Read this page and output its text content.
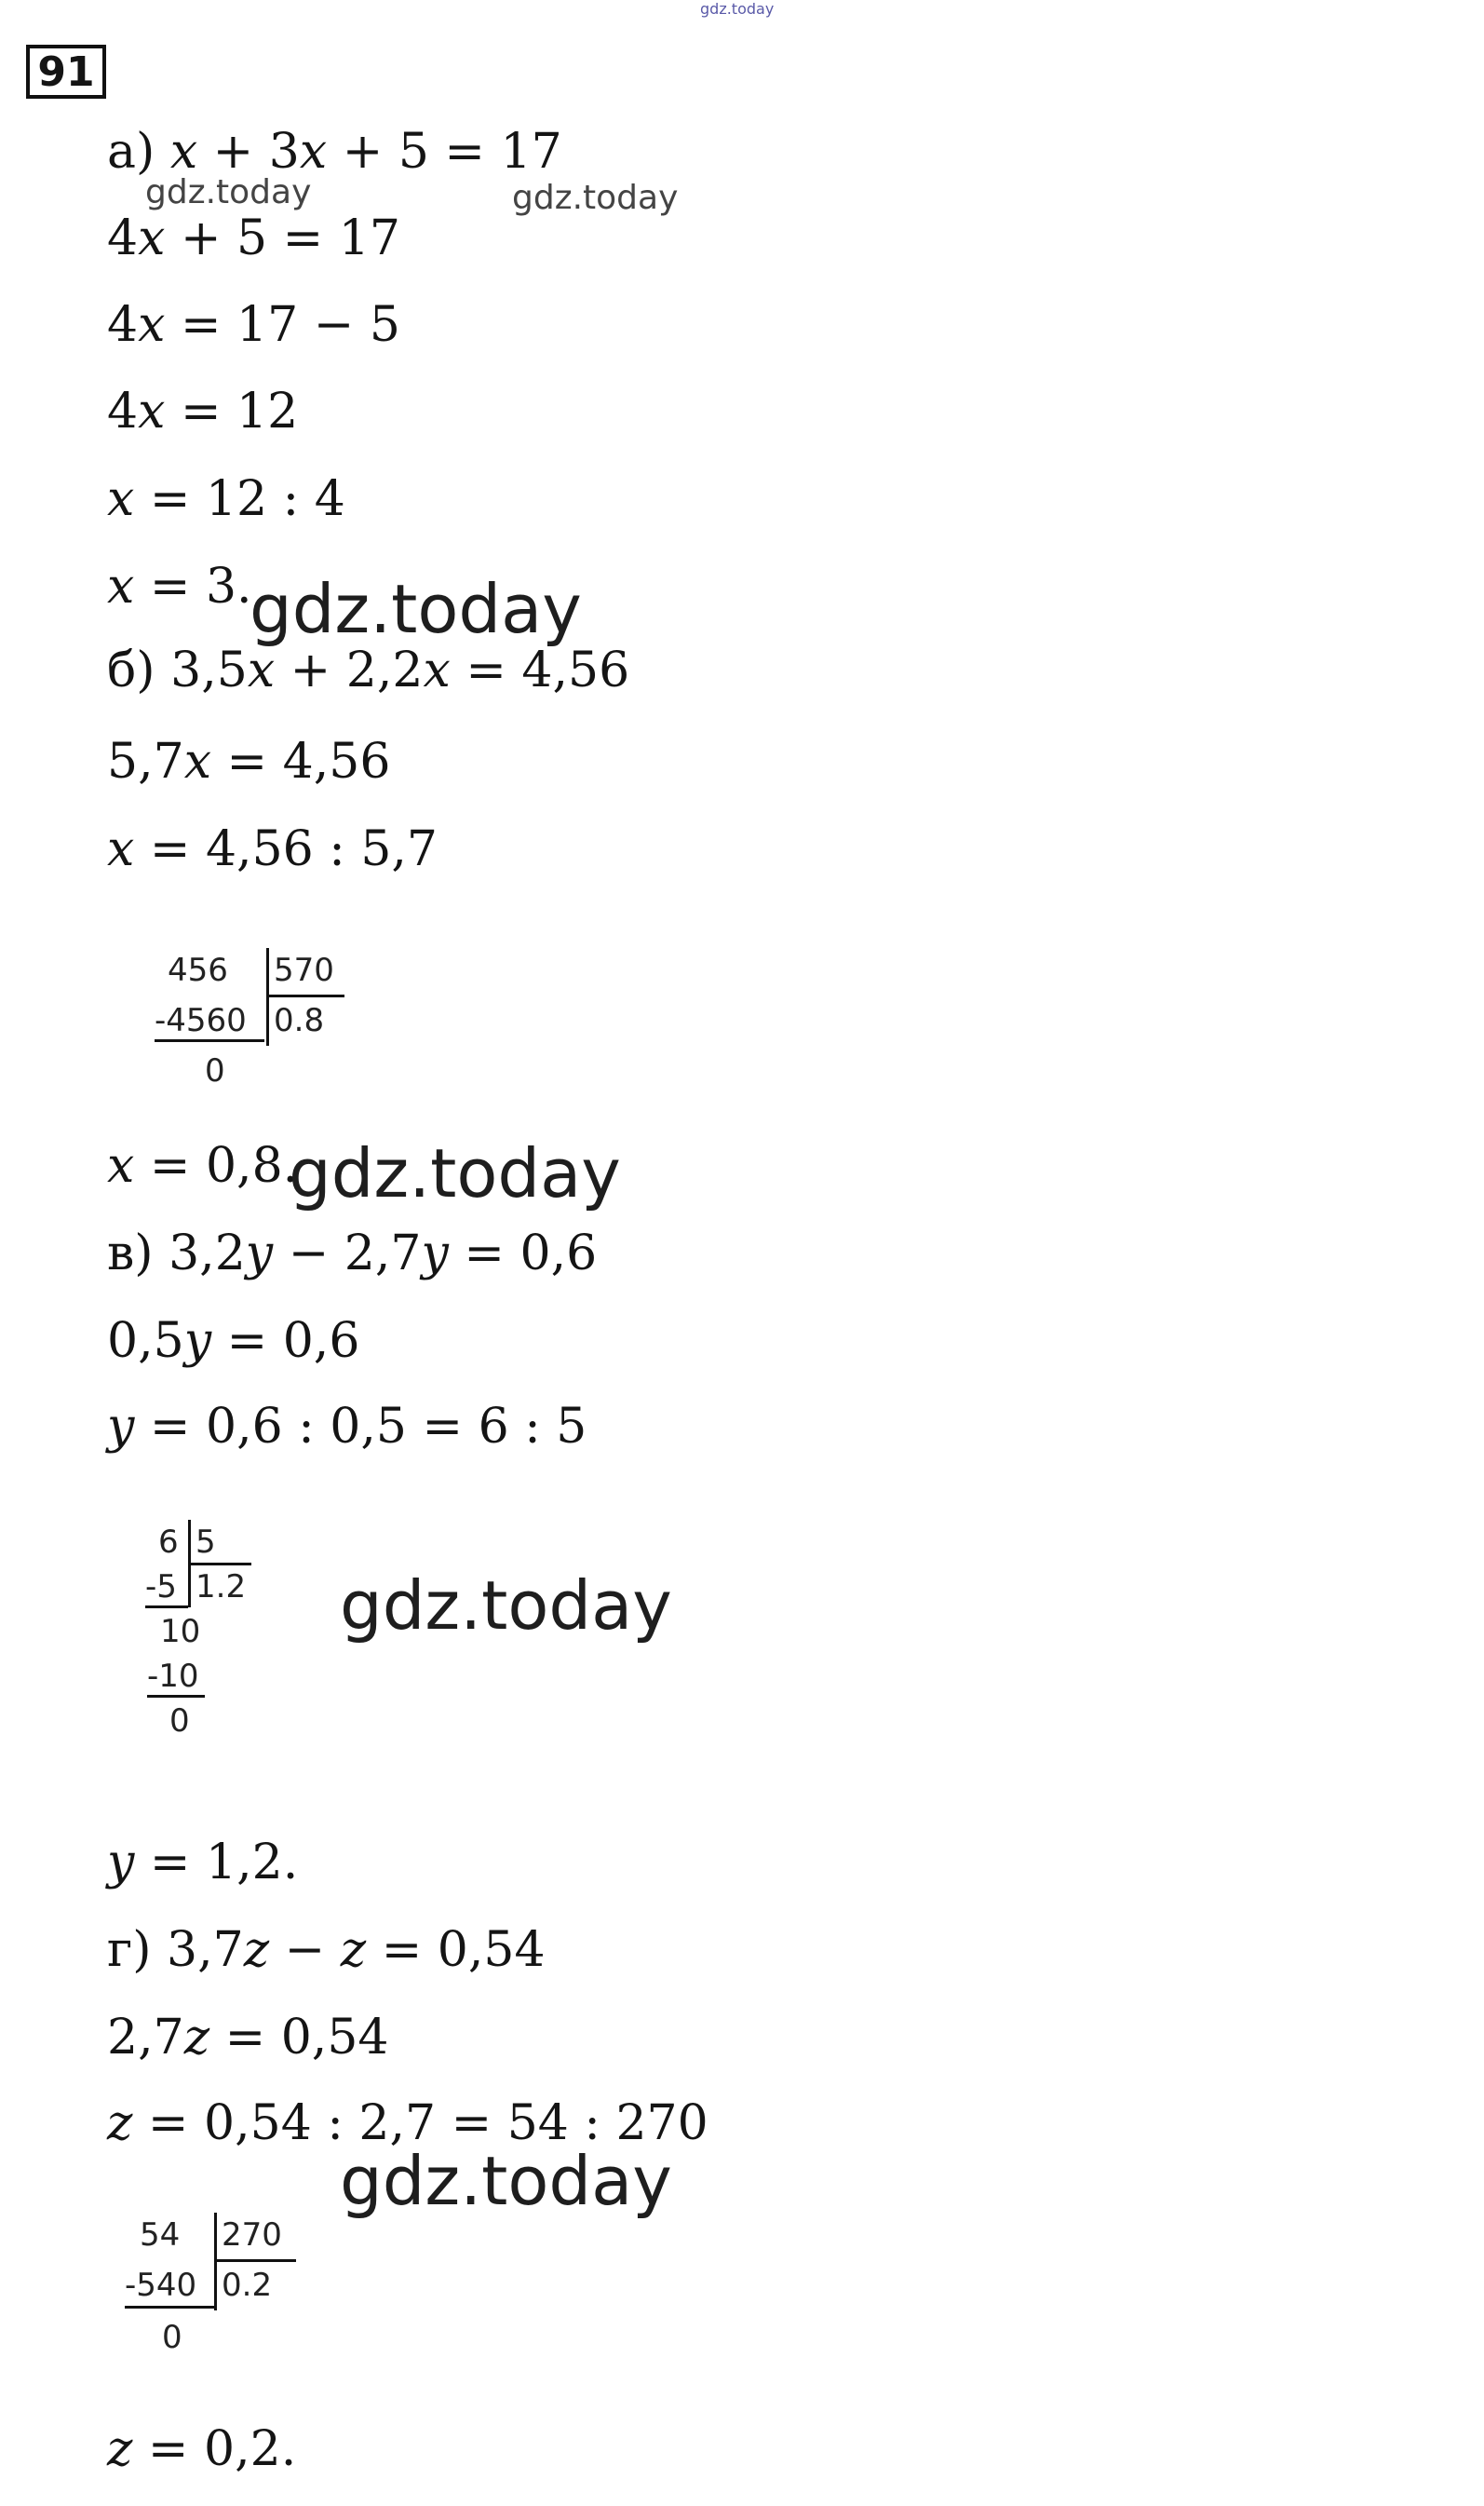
gdz.today
91
а) 𝑥 + 3𝑥 + 5 = 17
gdz.today	gdz.today
4𝑥 + 5 = 17
4𝑥 = 17 − 5
4𝑥 = 12
𝑥 = 12 : 4
𝑥 = 3.
gdz.today
б) 3,5𝑥 + 2,2𝑥 = 4,56
5,7𝑥 = 4,56
𝑥 = 4,56 : 5,7
456 570
-4560 0.8
0
𝑥 = 0,8.
gdz.today
в) 3,2𝑦 − 2,7𝑦 = 0,6
0,5𝑦 = 0,6
𝑦 = 0,6 : 0,5 = 6 : 5
6 5
-5 1.2
10
-10
0
gdz.today
𝑦 = 1,2.
г) 3,7𝑧 − 𝑧 = 0,54
2,7𝑧 = 0,54
𝑧 = 0,54 : 2,7 = 54 : 270
gdz.today
54 270
-540 0.2
0
𝑧 = 0,2.
